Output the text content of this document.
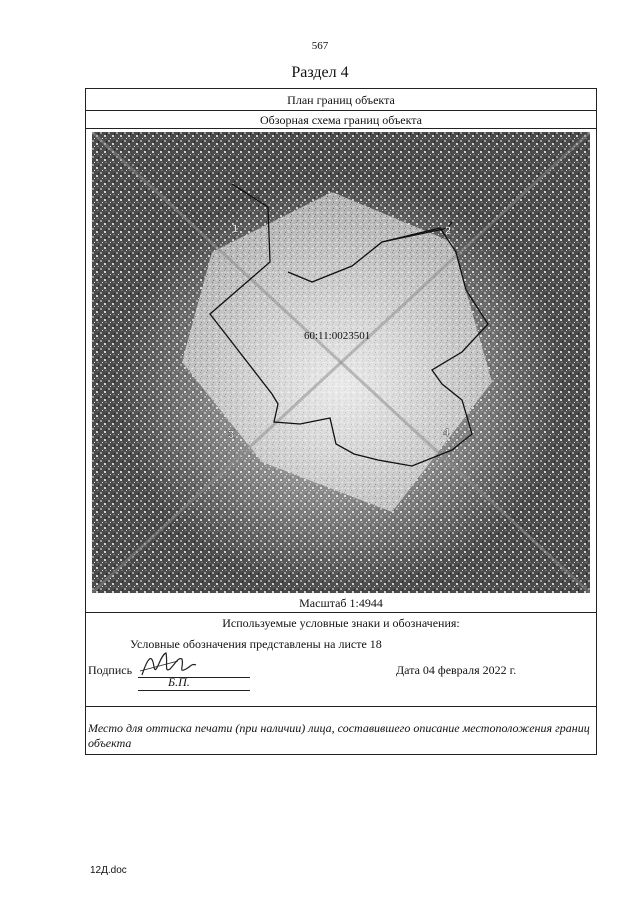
567
Раздел 4
План границ объекта
Обзорная схема границ объекта
1	2
3	4
60:11:0023501
Масштаб 1:4944
Используемые условные знаки и обозначения:
Условные обозначения представлены на листе 18
Подпись
Б.П.
Дата 04 февраля 2022 г.
Место для оттиска печати (при наличии) лица, составившего описание местоположения границ объекта
12Д.doc
